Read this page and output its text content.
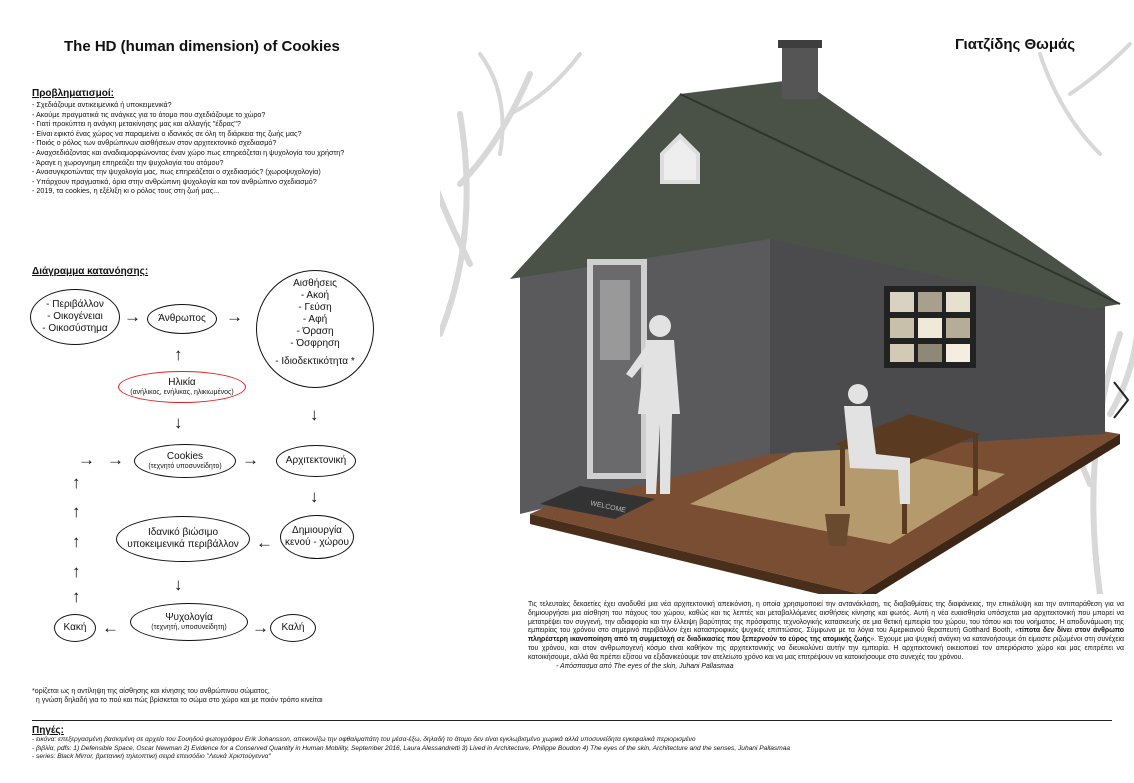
The HD (human dimension) of Cookies	Γιατζίδης Θωμάς
Προβληματισμοί:
- Σχεδιάζουμε αντικειμενικά ή υποκειμενικά?
- Ακούμε πραγματικά τις ανάγκες για το άτομο που σχεδιάζουμε το χώρο?
- Γιατί προκύπτει η ανάγκη μετακίνησης μας και αλλαγής "έδρας"?
- Είναι εφικτό ένας χώρος να παραμείνει ο ιδανικός σε όλη τη διάρκεια της ζωής μας?
- Ποιός ο ρόλος των ανθρώπινων αισθήσεων στον αρχιτεκτονικό σχεδιασμό?
- Αναχσεδιάζοντας και αναδιαμορφώνοντας έναν χώρο πως επηρεάζεται η ψυχολογία του χρήστη?
- Άραγε η χωρογνημη επηρεάζει την ψυχολογία του ατόμου?
- Ανασυγκροτώντας την ψυχολογία μας, πως επηρεάζεται ο σχεδιασμός? (χωροψυχολογία)
- Υπάρχουν πραγματικά, όρια στην ανθρώπινη ψυχολογία και τον ανθρώπινο σχεδιασμό?
- 2019, τα cookies, η εξέλιξη κι ο ρόλος τους στη ζωή μας...
Διάγραμμα κατανόησης:
- Περιβάλλον
- Οικογένειαι
- Οικοσύστημα
→ Άνθρωπος →
Αισθήσεις
- Ακοή
- Γεύση
- Αφή
- Όραση
- Όσφρηση
- Ιδιοδεκτικότητα *
↑
Ηλικία
(ανήλικος, ενήλικας, ηλικιωμένος)
↓	↓
→ →	Cookies
(τεχνητό υποσυνείδητο) →	Αρχιτεκτονική
↑
↑
↑
↑
↑
↓
Ιδανικό βιώσιμο
υποκειμενικά περιβάλλον ←
Δημιουργία
κενού - χώρου
↓
Κακή ←
Ψυχολογία
(τεχνητή, υποσυνείδητη) → Καλή
*ορίζεται ως η αντίληψη της αίσθησης και κίνησης του ανθρώπινου σώματος,
η γνώση δηλαδή για το πού και πώς βρίσκεται το σώμα στο χώρο και με ποιόν τρόπο κινείται
WELCOME
Τις τελευταίες δεκαετίες έχει αναδυθεί μια νέα αρχιτεκτονική απεικόνιση, η οποία χρησιμοποιεί την αντανάκλαση, τις διαβαθμίσεις της διαφάνειας, την επικάλυψη και την αντιπαράθεση για να δημιουργήσει μια αίσθηση του πάχους του χώρου, καθώς και τις λεπτές και μεταβαλλόμενες αισθήσεις κίνησης και φωτός. Αυτή η νέα ευαισθησία υπόσχεται μια αρχιτεκτονική που μπορεί να μετατρέψει τον συγγενή, την αδιαφορία και την έλλειψη βαρύτητας της πρόσφατης τεχνολογικής κατασκευής σε μια θετική εμπειρία του χώρου, του τόπου και του νοήματος. Η αποδυνάμωση της εμπειρίας του χρόνου στο σημερινό περιβάλλον έχει καταστροφικές ψυχικές επιπτώσεις. Σύμφωνα με τα λόγια του Αμερικανού θεραπευτή Gotthard Booth, «τίποτα δεν δίνει στον άνθρωπο πληρέστερη ικανοποίηση από τη συμμετοχή σε διαδικασίες που ξεπερνούν το εύρος της ατομικής ζωής». Έχουμε μια ψυχική ανάγκη να κατανοήσουμε ότι είμαστε ριζωμένοι στη συνέχεια του χρόνου, και στον ανθρωπογενή κόσμο είναι καθήκον της αρχιτεκτονικής να διευκολύνει αυτήν την εμπειρία. Η αρχιτεκτονική οικειοποιεί τον απεριόριστο χώρο και μας επιτρέπει να κατοικήσουμε, αλλά θα πρέπει εξίσου να εξιδανικεύουμε τον ατελείωτο χρόνο και να μας επιτρέψουν να κατοικήσουμε στο συνεχές του χρόνου.
- Απόσπασμα από The eyes of the skin, Juhani Pallasmaa
Πηγές:
- εικόνα: επεξεργασμένη βασισμένη σε αρχείο του Σουηδού φωτογράφου Erik Johansson, απεικονίζω την οφθαλμαπάτη του μέσα-έξω, δηλαδή το άτομο δεν είναι εγκλωβισμένο χωρικά αλλά υποσυνείδητα εγκεφαλικά περιορισμένο
- βιβλία, pdfs: 1) Defensible Space, Oscar Newman 2) Evidence for a Conserved Quantity in Human Mobility, September 2016, Laura Alessandretti 3) Lived in Architecture, Philippe Boudon 4) The eyes of the skin, Architecture and the senses, Juhani Pallasmaa
- series: Black Mirror, βρετανική τηλεοπτική σειρά επεισόδιο "Λευκά Χριστούγεννα"
